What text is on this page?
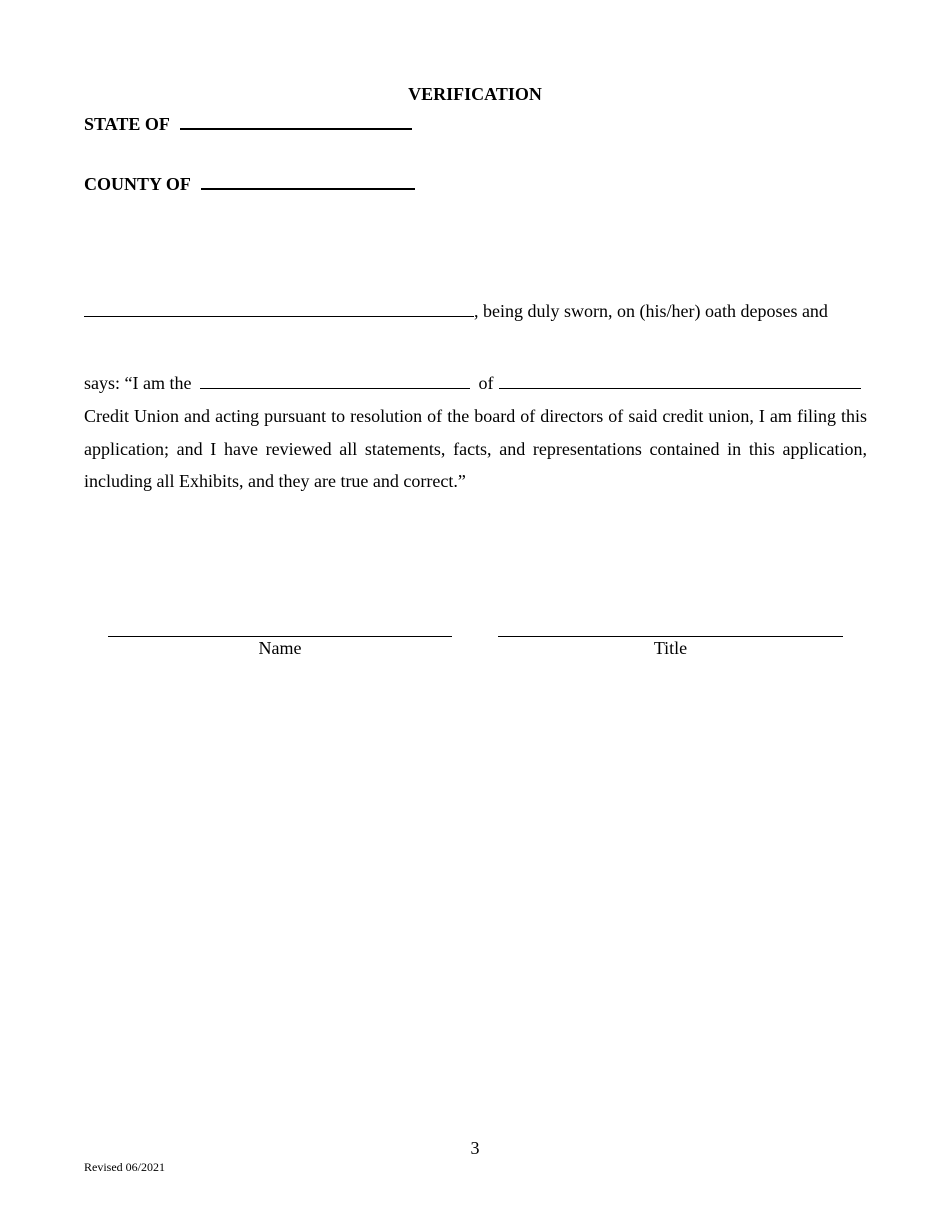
VERIFICATION
STATE OF
COUNTY OF
, being duly sworn, on (his/her) oath deposes and
says: “I am the	of
Credit Union and acting pursuant to resolution of the board of directors of said credit union, I am filing this application; and I have reviewed all statements, facts, and representations contained in this application, including all Exhibits, and they are true and correct.”
Name	Title
3
Revised 06/2021
